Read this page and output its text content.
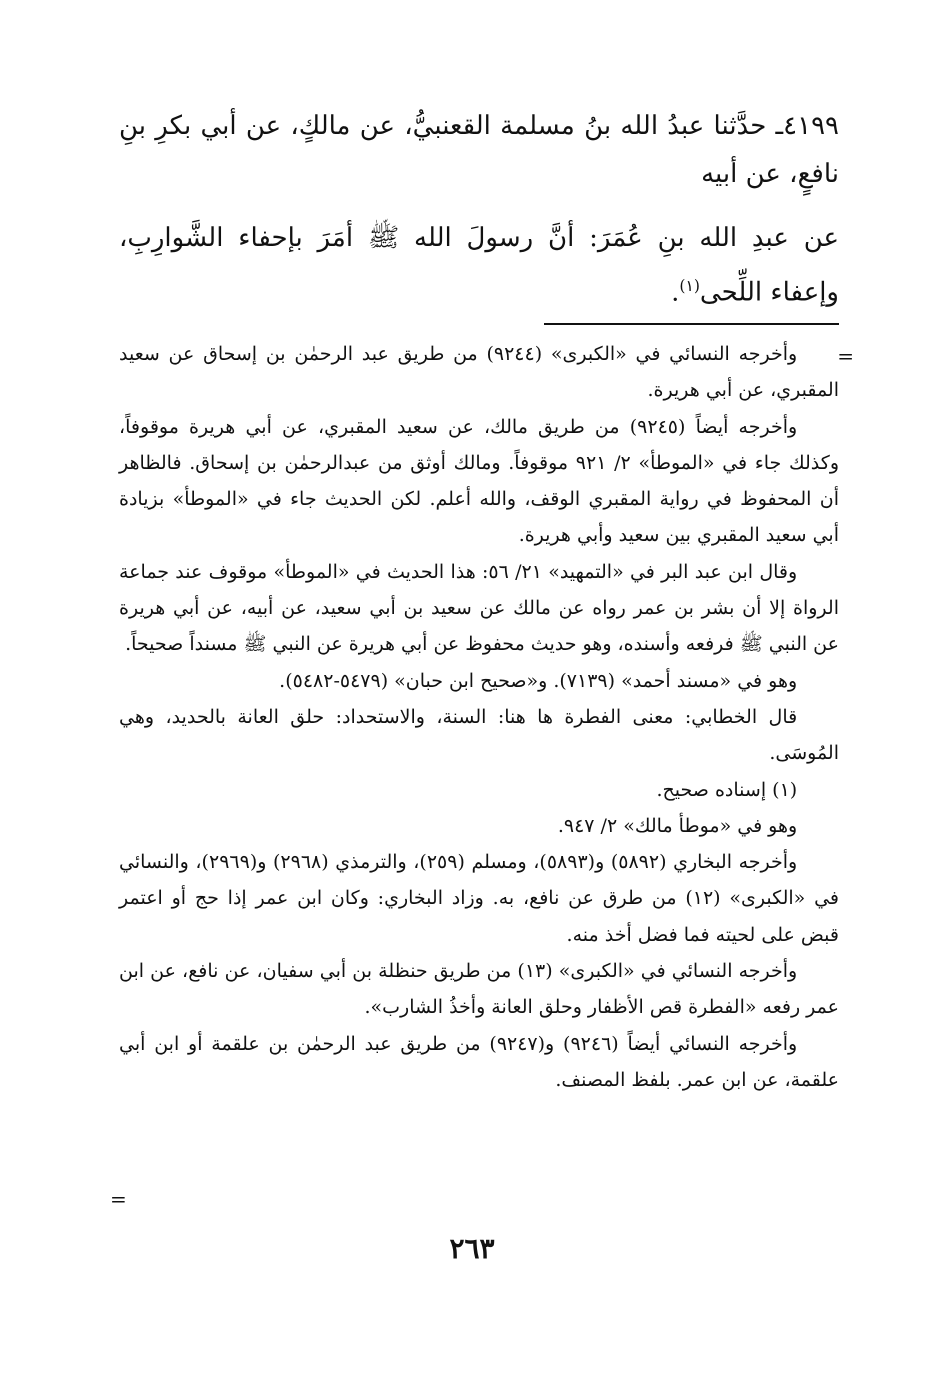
٤١٩٩ـ حدَّثنا عبدُ الله بنُ مسلمة القعنبيُّ، عن مالكٍ، عن أبي بكرِ بنِ نافعٍ، عن أبيه

عن عبدِ الله بنِ عُمَرَ: أنَّ رسولَ الله ﷺ أمَرَ بإحفاء الشَّوارِبِ، وإعفاء اللِّحى$^{(١)}$.

=

وأخرجه النسائي في «الكبرى» (٩٢٤٤) من طريق عبد الرحمٰن بن إسحاق عن سعيد المقبري، عن أبي هريرة.

وأخرجه أيضاً (٩٢٤٥) من طريق مالك، عن سعيد المقبري، عن أبي هريرة موقوفاً، وكذلك جاء في «الموطأ» ٢/ ٩٢١ موقوفاً. ومالك أوثق من عبدالرحمٰن بن إسحاق. فالظاهر أن المحفوظ في رواية المقبري الوقف، والله أعلم. لكن الحديث جاء في «الموطأ» بزيادة أبي سعيد المقبري بين سعيد وأبي هريرة.

وقال ابن عبد البر في «التمهيد» ٢١/ ٥٦: هذا الحديث في «الموطأ» موقوف عند جماعة الرواة إلا أن بشر بن عمر رواه عن مالك عن سعيد بن أبي سعيد، عن أبيه، عن أبي هريرة عن النبي ﷺ فرفعه وأسنده، وهو حديث محفوظ عن أبي هريرة عن النبي ﷺ مسنداً صحيحاً.

وهو في «مسند أحمد» (٧١٣٩). و«صحيح ابن حبان» (٥٤٧٩-٥٤٨٢).

قال الخطابي: معنى الفطرة ها هنا: السنة، والاستحداد: حلق العانة بالحديد، وهي المُوسَى.

(١) إسناده صحيح.

وهو في «موطأ مالك» ٢/ ٩٤٧.

وأخرجه البخاري (٥٨٩٢) و(٥٨٩٣)، ومسلم (٢٥٩)، والترمذي (٢٩٦٨) و(٢٩٦٩)، والنسائي في «الكبرى» (١٢) من طرق عن نافع، به. وزاد البخاري: وكان ابن عمر إذا حج أو اعتمر قبض على لحيته فما فضل أخذ منه.

وأخرجه النسائي في «الكبرى» (١٣) من طريق حنظلة بن أبي سفيان، عن نافع، عن ابن عمر رفعه «الفطرة قص الأظفار وحلق العانة وأخذُ الشارب».

وأخرجه النسائي أيضاً (٩٢٤٦) و(٩٢٤٧) من طريق عبد الرحمٰن بن علقمة أو ابن أبي علقمة، عن ابن عمر. بلفظ المصنف.

=
٢٦٣
